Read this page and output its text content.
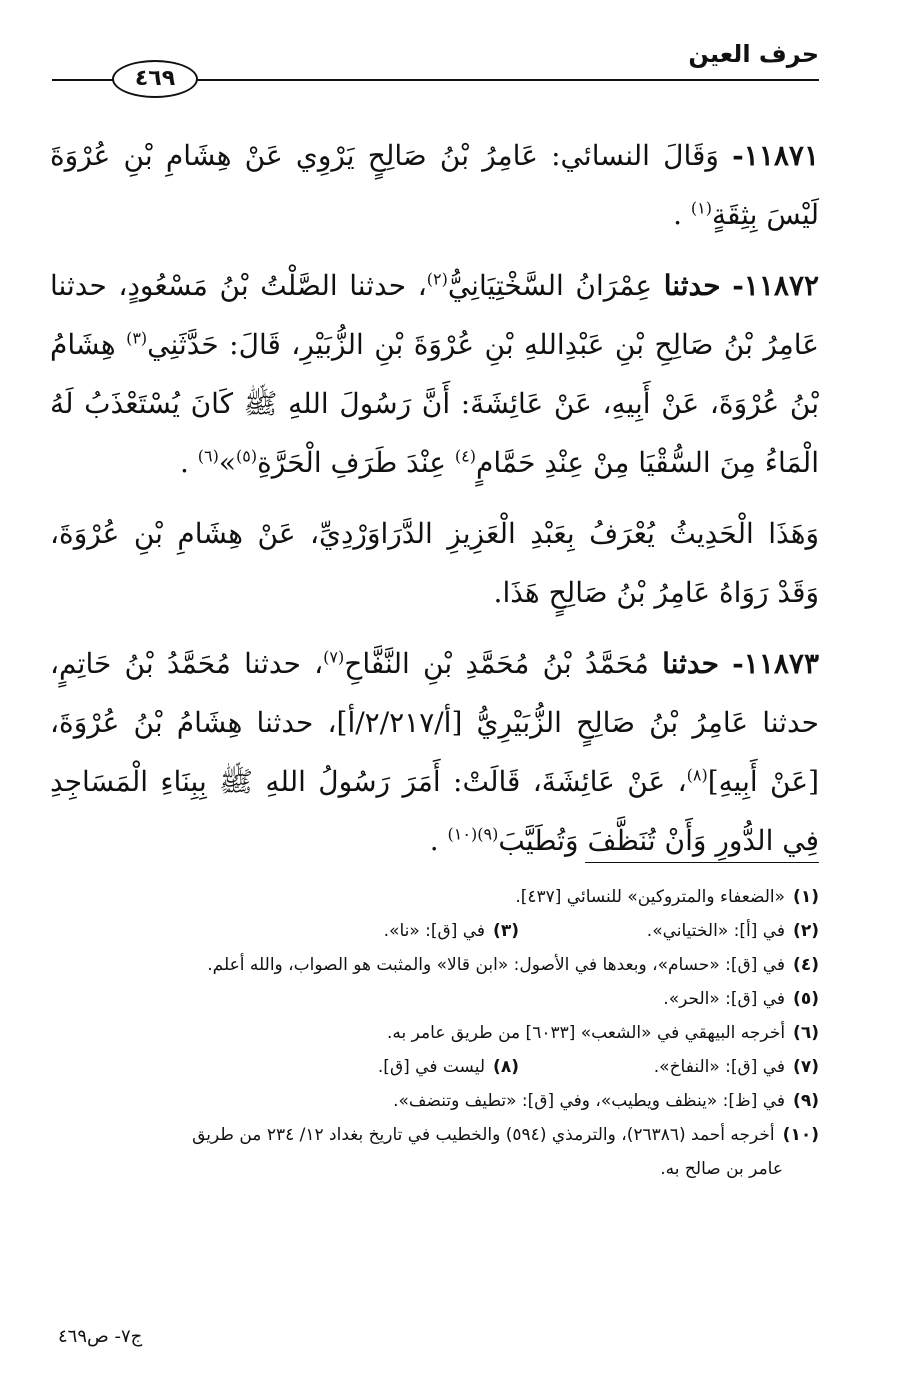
حرف العين
٤٦٩

١١٨٧١- وَقَالَ النسائي: عَامِرُ بْنُ صَالِحٍ يَرْوِي عَنْ هِشَامِ بْنِ عُرْوَةَ لَيْسَ بِثِقَةٍ$^{(١)}$ .

١١٨٧٢- حدثنا عِمْرَانُ السَّخْتِيَانِيُّ$^{(٢)}$، حدثنا الصَّلْتُ بْنُ مَسْعُودٍ، حدثنا عَامِرُ بْنُ صَالِحِ بْنِ عَبْدِاللهِ بْنِ عُرْوَةَ بْنِ الزُّبَيْرِ، قَالَ: حَدَّثَنِي$^{(٣)}$ هِشَامُ بْنُ عُرْوَةَ، عَنْ أَبِيهِ، عَنْ عَائِشَةَ: أَنَّ رَسُولَ اللهِ ﷺ كَانَ يُسْتَعْذَبُ لَهُ الْمَاءُ مِنَ السُّقْيَا مِنْ عِنْدِ حَمَّامٍ$^{(٤)}$ عِنْدَ طَرَفِ الْحَرَّةِ$^{(٥)}$»$^{(٦)}$ .

وَهَذَا الْحَدِيثُ يُعْرَفُ بِعَبْدِ الْعَزِيزِ الدَّرَاوَرْدِيِّ، عَنْ هِشَامِ بْنِ عُرْوَةَ، وَقَدْ رَوَاهُ عَامِرُ بْنُ صَالِحٍ هَذَا.

١١٨٧٣- حدثنا مُحَمَّدُ بْنُ مُحَمَّدِ بْنِ النَّفَّاحِ$^{(٧)}$، حدثنا مُحَمَّدُ بْنُ حَاتِمٍ، حدثنا عَامِرُ بْنُ صَالِحٍ الزُّبَيْرِيُّ [أ/٢/٢١٧/أ]، حدثنا هِشَامُ بْنُ عُرْوَةَ، [عَنْ أَبِيهِ]$^{(٨)}$، عَنْ عَائِشَةَ، قَالَتْ: أَمَرَ رَسُولُ اللهِ ﷺ بِبِنَاءِ الْمَسَاجِدِ فِي الدُّورِ وَأَنْ تُنَظَّفَ وَتُطَيَّبَ$^{(٩)(١٠)}$ .

(١)«الضعفاء والمتروكين» للنسائي [٤٣٧].

(٢)في [أ]: «الختياني».

(٣)في [ق]: «نا».

(٤)في [ق]: «حسام»، وبعدها في الأصول: «ابن قالا» والمثبت هو الصواب، والله أعلم.

(٥)في [ق]: «الحر».

(٦)أخرجه البيهقي في «الشعب» [٦٠٣٣] من طريق عامر به.

(٧)في [ق]: «النفاخ».

(٨)ليست في [ق].

(٩)في [ظ]: «ينظف ويطيب»، وفي [ق]: «تطيف وتنضف».

(١٠)أخرجه أحمد (٢٦٣٨٦)، والترمذي (٥٩٤) والخطيب في تاريخ بغداد ١٢/ ٢٣٤ من طريق

عامر بن صالح به.

ج٧- ص٤٦٩
